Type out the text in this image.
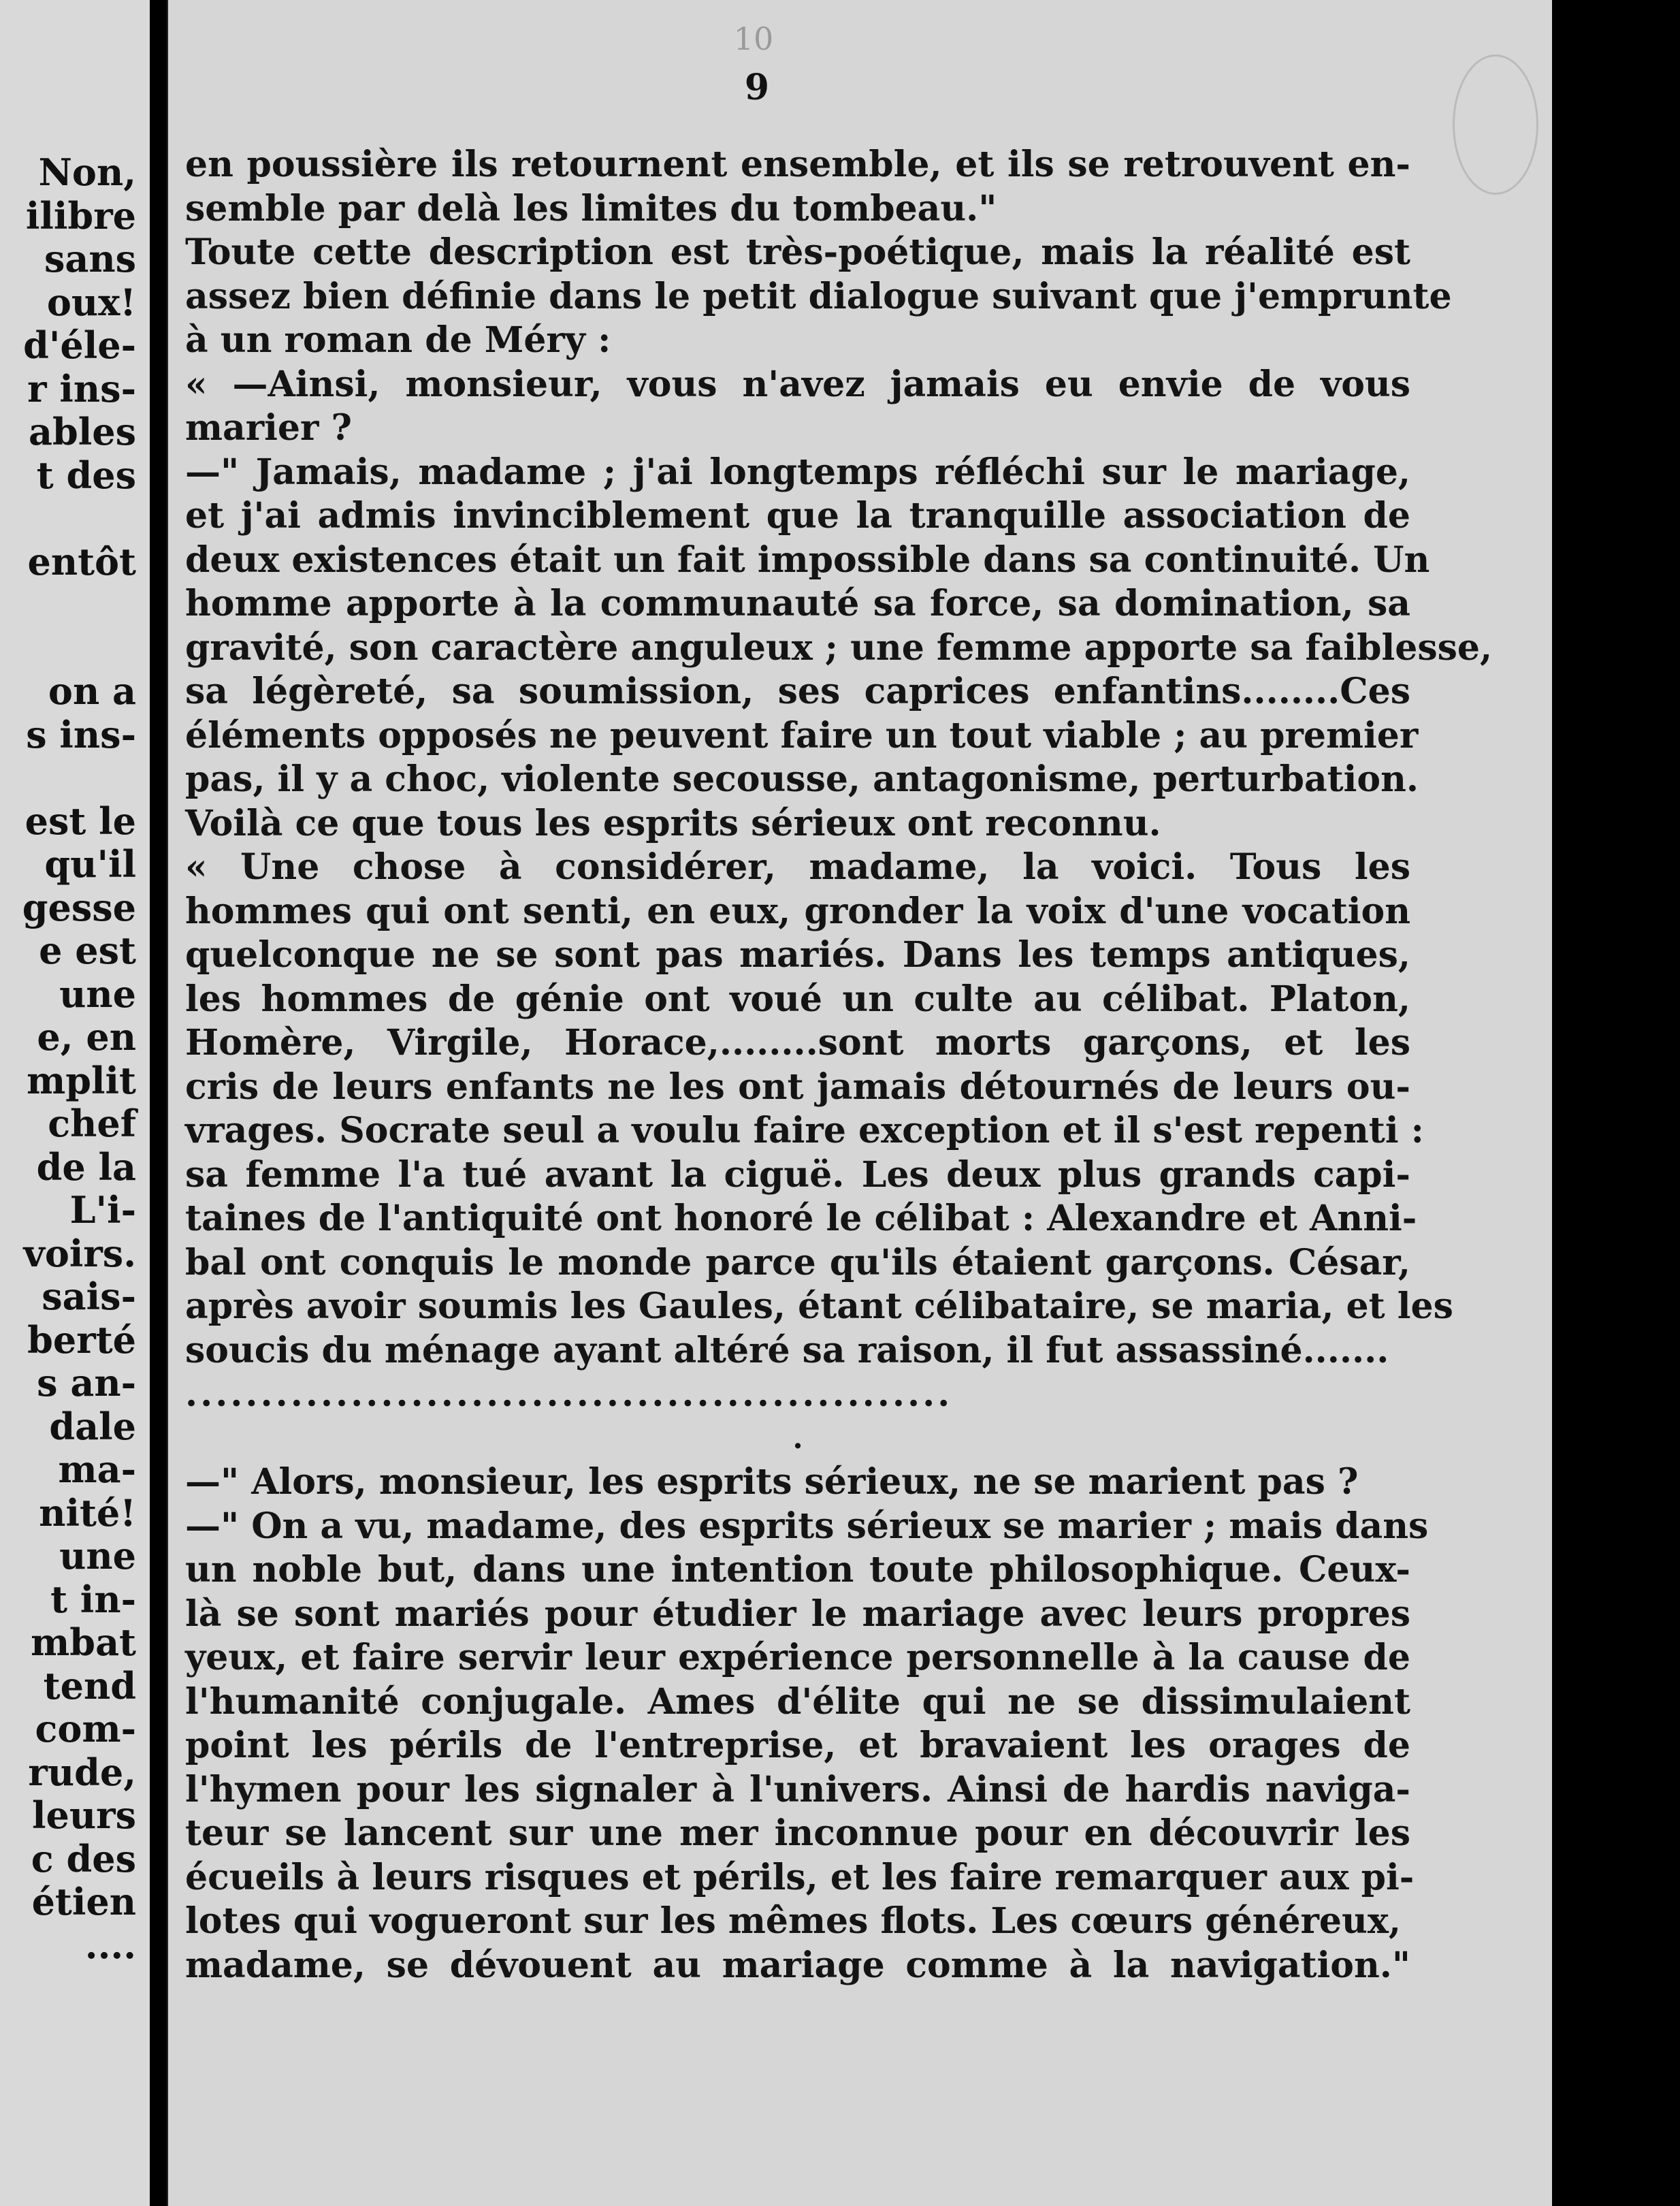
Non,
ilibre
sans
oux!
d'éle-
r ins-
ables
t des
entôt
on a
s ins-
est le
qu'il
gesse
e est
une
e, en
mplit
chef
de la
L'i-
voirs.
sais-
berté
s an-
dale
ma-
nité!
une
t in-
mbat
tend
com-
rude,
leurs
c des
étien
....
10
9
en poussière ils retournent ensemble, et ils se retrouvent en-
semble par delà les limites du tombeau."
Toute cette description est très-poétique, mais la réalité est
assez bien définie dans le petit dialogue suivant que j'emprunte
à un roman de Méry :
« —Ainsi, monsieur, vous n'avez jamais eu envie de vous
marier ?
—" Jamais, madame ; j'ai longtemps réfléchi sur le mariage,
et j'ai admis invinciblement que la tranquille association de
deux existences était un fait impossible dans sa continuité. Un
homme apporte à la communauté sa force, sa domination, sa
gravité, son caractère anguleux ; une femme apporte sa faiblesse,
sa légèreté, sa soumission, ses caprices enfantins........Ces
éléments opposés ne peuvent faire un tout viable ; au premier
pas, il y a choc, violente secousse, antagonisme, perturbation.
Voilà ce que tous les esprits sérieux ont reconnu.
« Une chose à considérer, madame, la voici. Tous les
hommes qui ont senti, en eux, gronder la voix d'une vocation
quelconque ne se sont pas mariés. Dans les temps antiques,
les hommes de génie ont voué un culte au célibat. Platon,
Homère, Virgile, Horace,........sont morts garçons, et les
cris de leurs enfants ne les ont jamais détournés de leurs ou-
vrages. Socrate seul a voulu faire exception et il s'est repenti :
sa femme l'a tué avant la ciguë. Les deux plus grands capi-
taines de l'antiquité ont honoré le célibat : Alexandre et Anni-
bal ont conquis le monde parce qu'ils étaient garçons. César,
après avoir soumis les Gaules, étant célibataire, se maria, et les
soucis du ménage ayant altéré sa raison, il fut assassiné.......
...................................................
.
—" Alors, monsieur, les esprits sérieux, ne se marient pas ?
—" On a vu, madame, des esprits sérieux se marier ; mais dans
un noble but, dans une intention toute philosophique. Ceux-
là se sont mariés pour étudier le mariage avec leurs propres
yeux, et faire servir leur expérience personnelle à la cause de
l'humanité conjugale. Ames d'élite qui ne se dissimulaient
point les périls de l'entreprise, et bravaient les orages de
l'hymen pour les signaler à l'univers. Ainsi de hardis naviga-
teur se lancent sur une mer inconnue pour en découvrir les
écueils à leurs risques et périls, et les faire remarquer aux pi-
lotes qui vogueront sur les mêmes flots. Les cœurs généreux,
madame, se dévouent au mariage comme à la navigation."
